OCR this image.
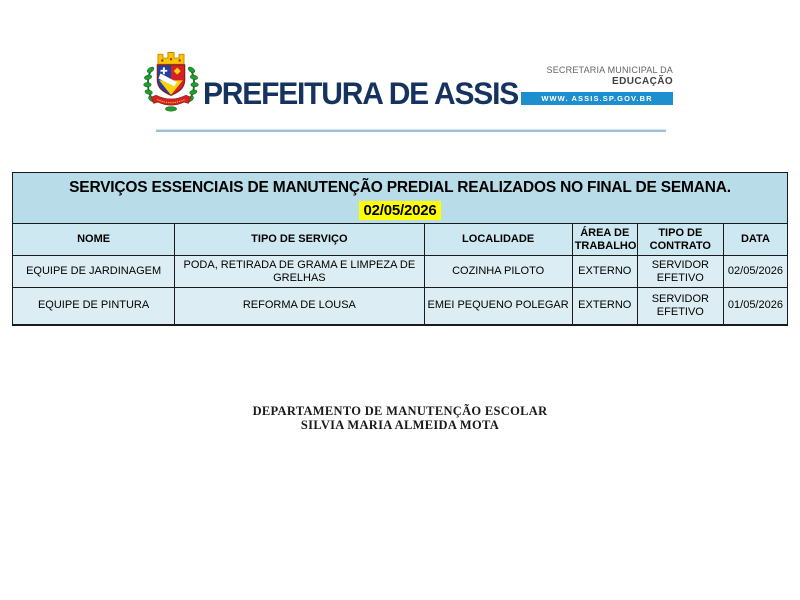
PREFEITURA DE ASSIS
SECRETARIA MUNICIPAL DA
EDUCAÇÃO
WWW. ASSIS.SP.GOV.BR
SERVIÇOS ESSENCIAIS DE MANUTENÇÃO PREDIAL REALIZADOS NO FINAL DE SEMANA.
02/05/2026					

NOME	TIPO DE SERVIÇO	LOCALIDADE	ÁREA DE TRABALHO	TIPO DE CONTRATO	DATA
EQUIPE DE JARDINAGEM	PODA, RETIRADA DE GRAMA E LIMPEZA DE GRELHAS	COZINHA PILOTO	EXTERNO	SERVIDOR EFETIVO	02/05/2026
EQUIPE DE PINTURA	REFORMA DE LOUSA	EMEI PEQUENO POLEGAR	EXTERNO	SERVIDOR EFETIVO	01/05/2026
DEPARTAMENTO DE MANUTENÇÃO ESCOLAR
SILVIA MARIA ALMEIDA MOTA
